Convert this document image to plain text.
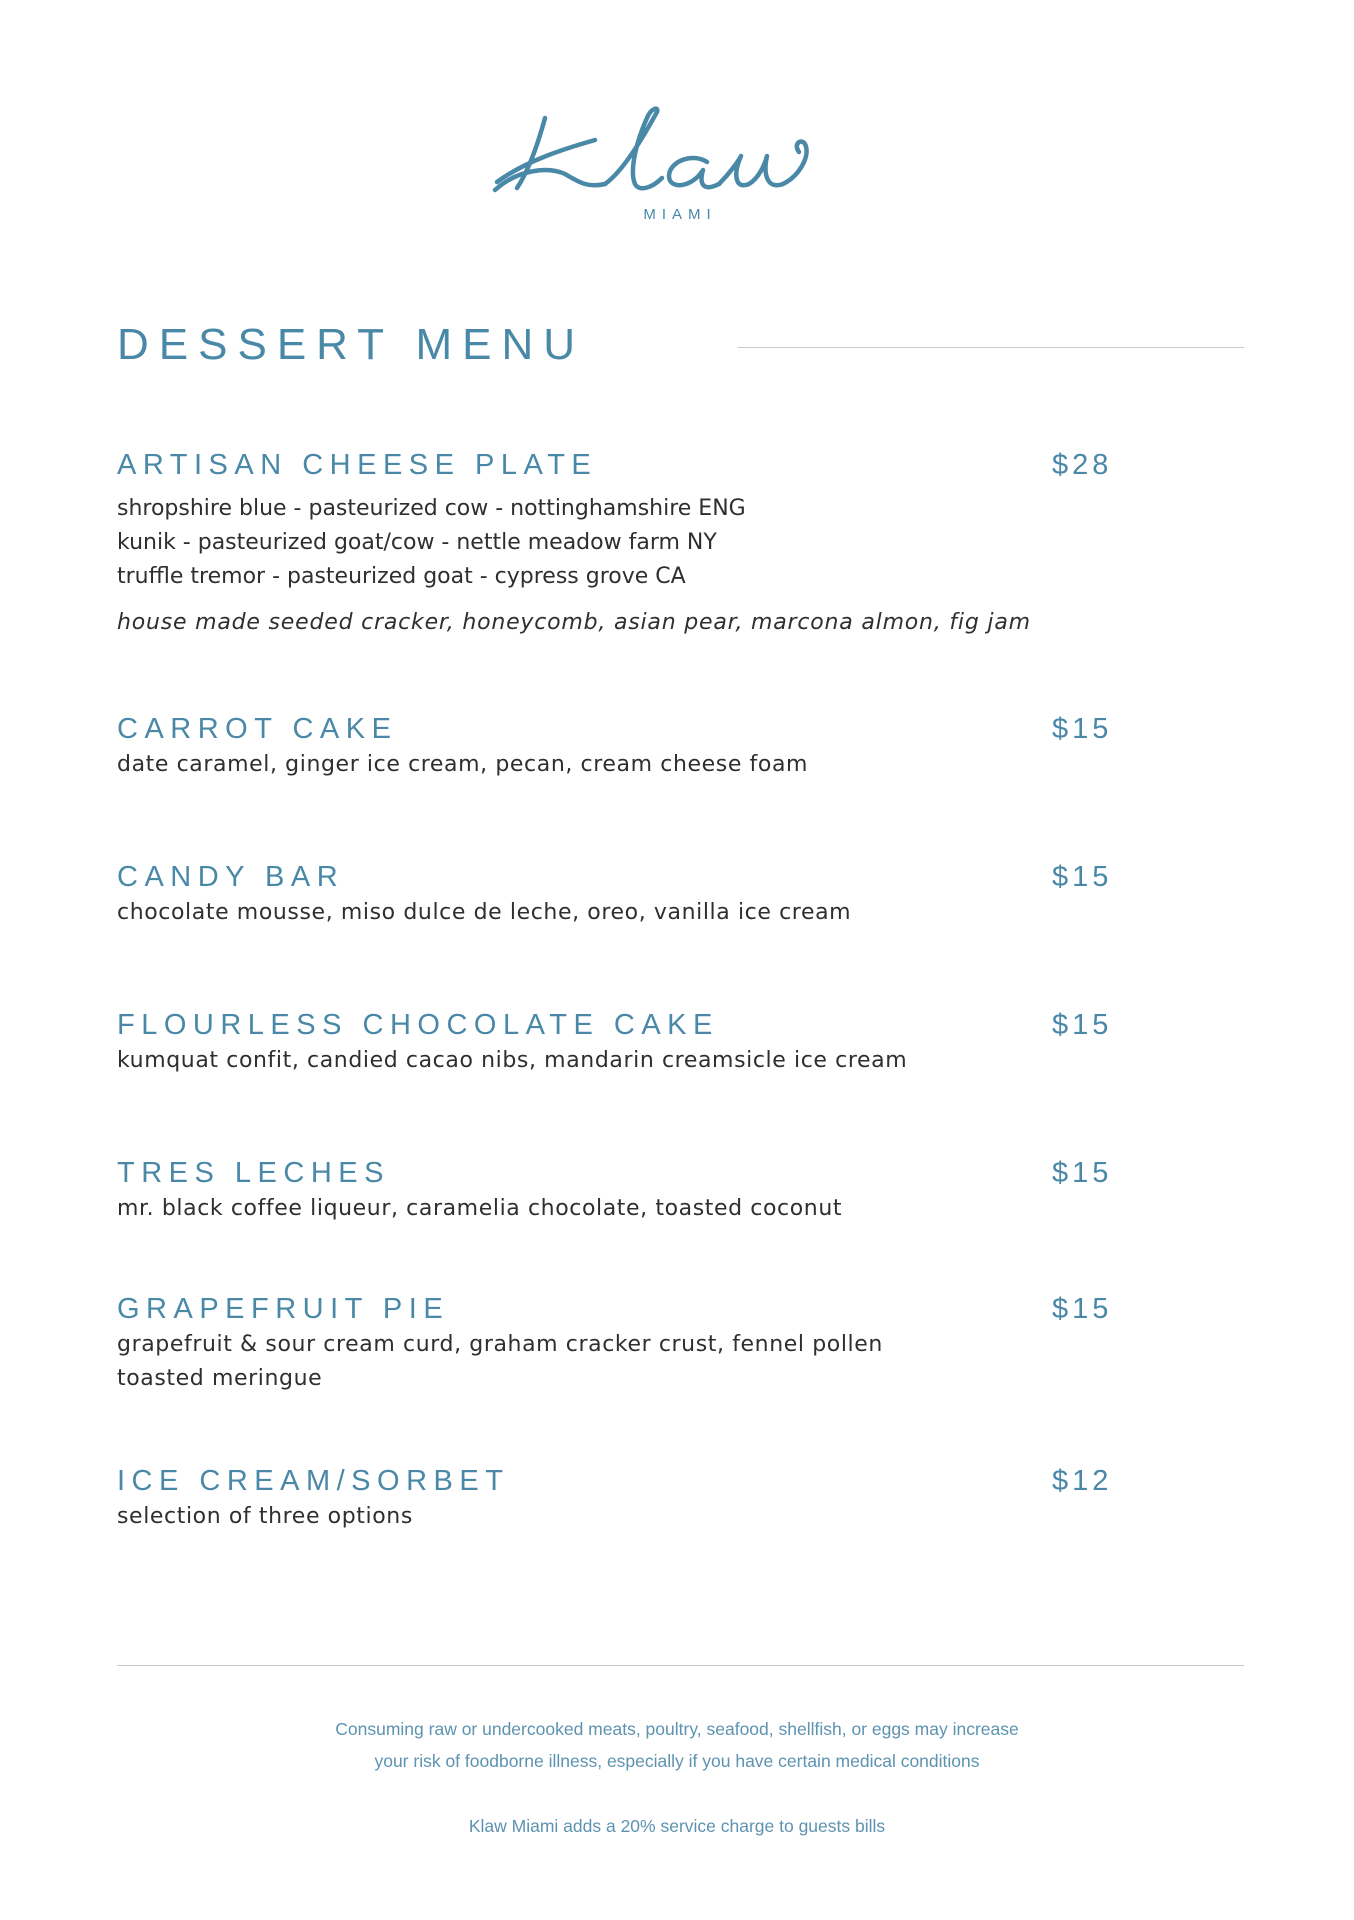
MIAMI
DESSERT MENU
ARTISAN CHEESE PLATE	$28
shropshire blue - pasteurized cow - nottinghamshire ENG
kunik - pasteurized goat/cow - nettle meadow farm NY
truffle tremor - pasteurized goat - cypress grove CA
house made seeded cracker, honeycomb, asian pear, marcona almon, fig jam
CARROT CAKE	$15
date caramel, ginger ice cream, pecan, cream cheese foam
CANDY BAR	$15
chocolate mousse, miso dulce de leche, oreo, vanilla ice cream
FLOURLESS CHOCOLATE CAKE	$15
kumquat confit, candied cacao nibs, mandarin creamsicle ice cream
TRES LECHES	$15
mr. black coffee liqueur, caramelia chocolate, toasted coconut
GRAPEFRUIT PIE	$15
grapefruit & sour cream curd, graham cracker crust, fennel pollen
toasted meringue
ICE CREAM/SORBET	$12
selection of three options
Consuming raw or undercooked meats, poultry, seafood, shellfish, or eggs may increase
your risk of foodborne illness, especially if you have certain medical conditions
Klaw Miami adds a 20% service charge to guests bills
